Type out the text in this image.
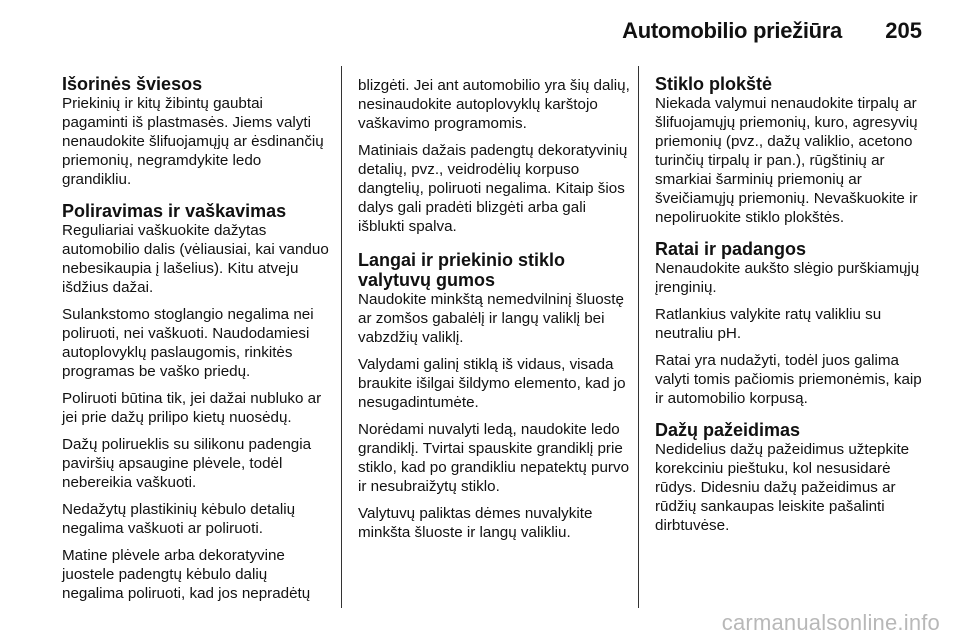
Automobilio priežiūra 205
Išorinės šviesos

Priekinių ir kitų žibintų gaubtai pagaminti iš plastmasės. Jiems valyti nenaudokite šlifuojamųjų ar ėsdinančių priemonių, negramdykite ledo grandikliu.

Poliravimas ir vaškavimas

Reguliariai vaškuokite dažytas automobilio dalis (vėliausiai, kai vanduo nebesikaupia į lašelius). Kitu atveju išdžius dažai.

Sulankstomo stoglangio negalima nei poliruoti, nei vaškuoti. Naudodamiesi autoplovyklų paslaugomis, rinkitės programas be vaško priedų.

Poliruoti būtina tik, jei dažai nubluko ar jei prie dažų prilipo kietų nuosėdų.

Dažų polirueklis su silikonu padengia paviršių apsaugine plėvele, todėl nebereikia vaškuoti.

Nedažytų plastikinių kėbulo detalių negalima vaškuoti ar poliruoti.

Matine plėvele arba dekoratyvine juostele padengtų kėbulo dalių negalima poliruoti, kad jos nepradėtų

blizgėti. Jei ant automobilio yra šių dalių, nesinaudokite autoplovyklų karštojo vaškavimo programomis.

Matiniais dažais padengtų dekoratyvinių detalių, pvz., veidrodėlių korpuso dangtelių, poliruoti negalima. Kitaip šios dalys gali pradėti blizgėti arba gali išblukti spalva.

Langai ir priekinio stiklo valytuvų gumos

Naudokite minkštą nemedvilninį šluostę ar zomšos gabalėlį ir langų valiklį bei vabzdžių valiklį.

Valydami galinį stiklą iš vidaus, visada braukite išilgai šildymo elemento, kad jo nesugadintumėte.

Norėdami nuvalyti ledą, naudokite ledo grandiklį. Tvirtai spauskite grandiklį prie stiklo, kad po grandikliu nepatektų purvo ir nesubraižytų stiklo.

Valytuvų paliktas dėmes nuvalykite minkšta šluoste ir langų valikliu.

Stiklo plokštė

Niekada valymui nenaudokite tirpalų ar šlifuojamųjų priemonių, kuro, agresyvių priemonių (pvz., dažų valiklio, acetono turinčių tirpalų ir pan.), rūgštinių ar smarkiai šarminių priemonių ar šveičiamųjų priemonių. Nevaškuokite ir nepoliruokite stiklo plokštės.

Ratai ir padangos

Nenaudokite aukšto slėgio purškiamųjų įrenginių.

Ratlankius valykite ratų valikliu su neutraliu pH.

Ratai yra nudažyti, todėl juos galima valyti tomis pačiomis priemonėmis, kaip ir automobilio korpusą.

Dažų pažeidimas

Nedidelius dažų pažeidimus užtepkite korekciniu pieštuku, kol nesusidarė rūdys. Didesniu dažų pažeidimus ar rūdžių sankaupas leiskite pašalinti dirbtuvėse.

carmanualsonline.info
